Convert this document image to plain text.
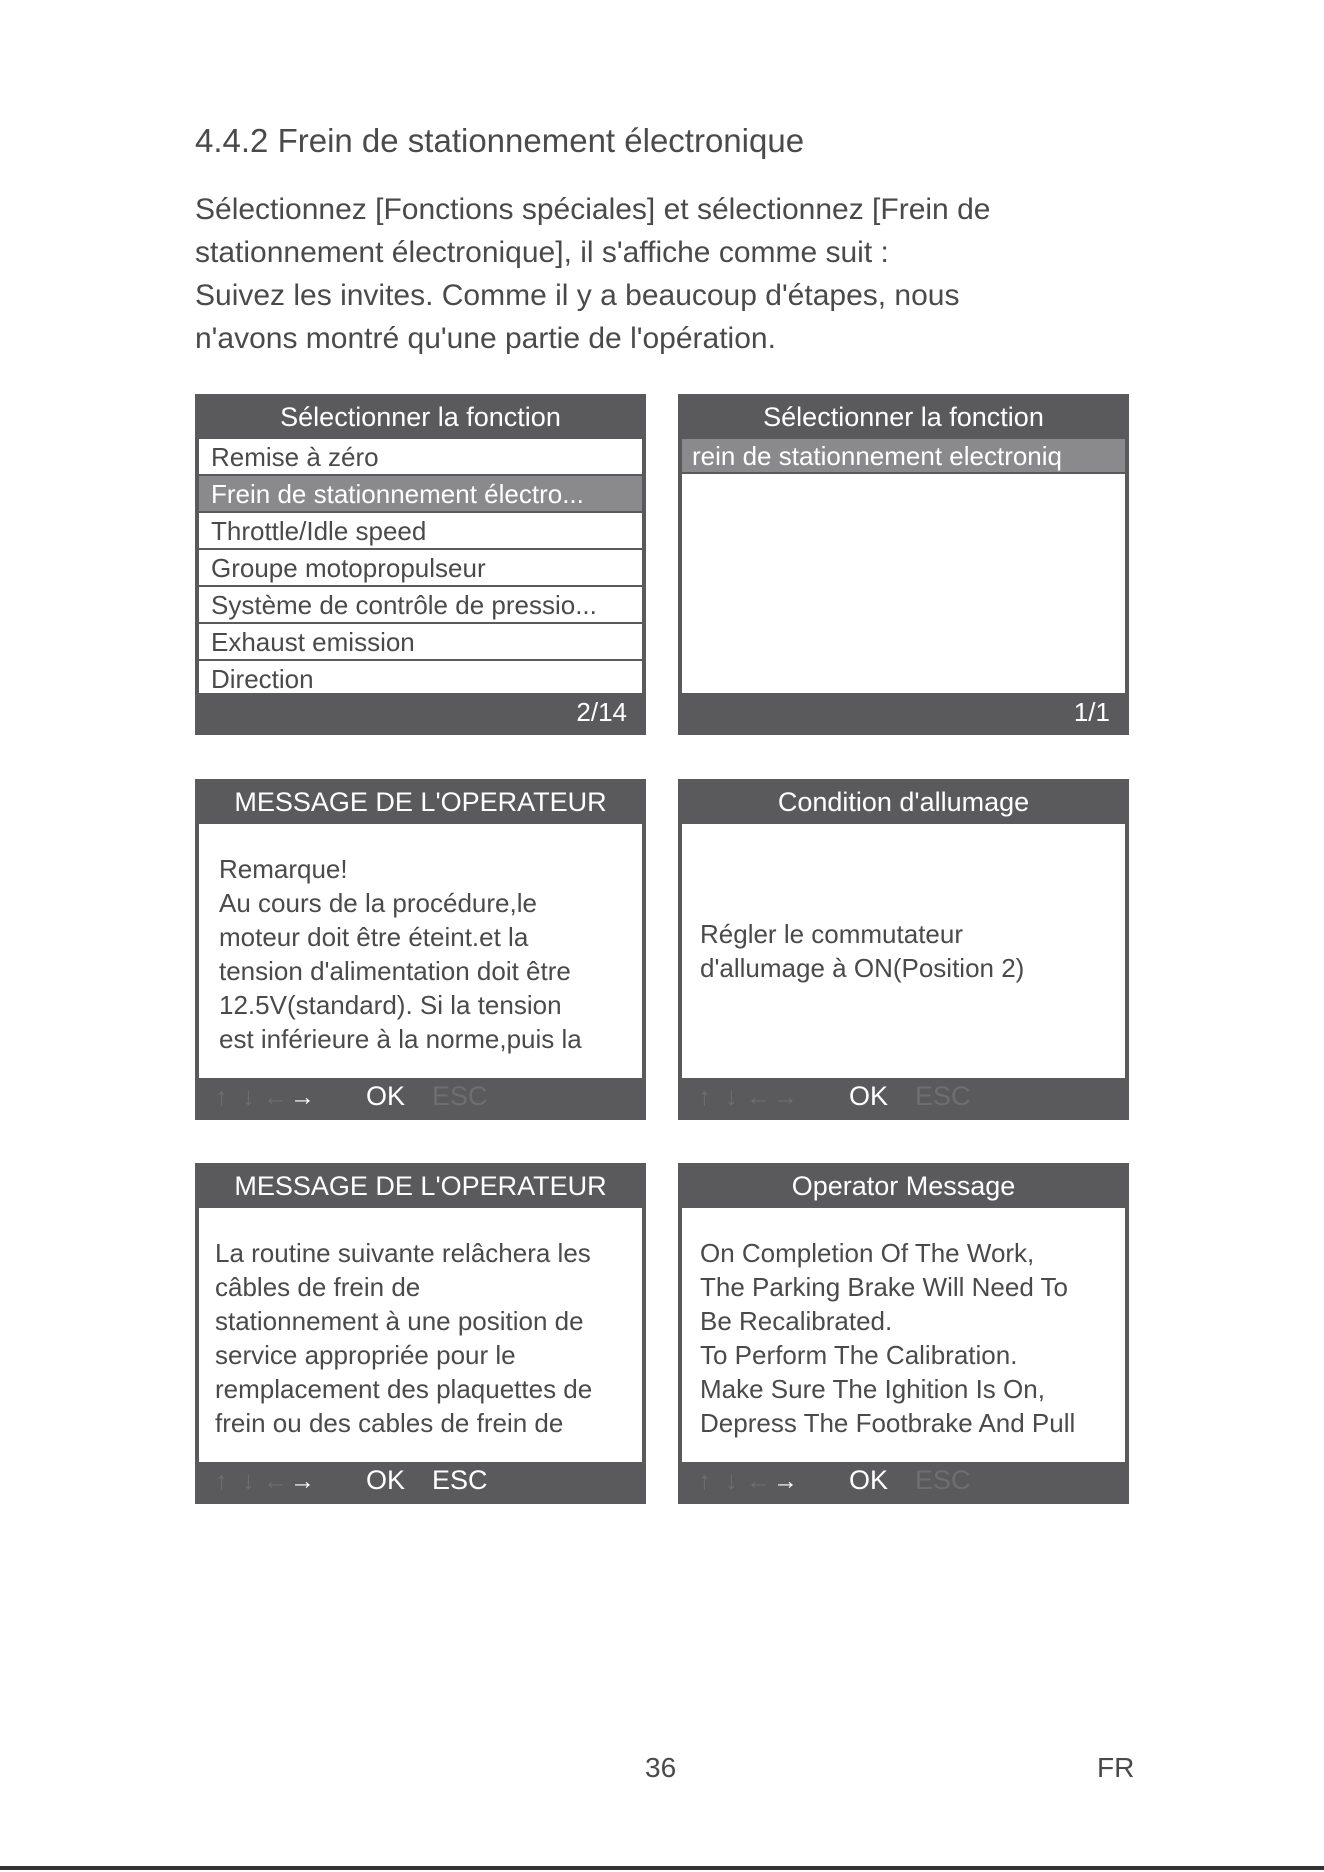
4.4.2 Frein de stationnement électronique
Sélectionnez [Fonctions spéciales] et sélectionnez [Frein de
stationnement électronique], il s'affiche comme suit :
Suivez les invites. Comme il y a beaucoup d'étapes, nous
n'avons montré qu'une partie de l'opération.
Sélectionner la fonction
Remise à zéro
Frein de stationnement électro...
Throttle/Idle speed
Groupe motopropulseur
Système de contrôle de pressio...
Exhaust emission
Direction
2/14
Sélectionner la fonction
rein de stationnement electroniq
1/1
MESSAGE DE L'OPERATEUR
Remarque!
Au cours de la procédure,le
moteur doit être éteint.et la
tension d'alimentation doit être
12.5V(standard). Si la tension
est inférieure à la norme,puis la
↑ ↓ ← → OK ESC
Condition d'allumage
Régler le commutateur
d'allumage à ON(Position 2)
↑ ↓ ← → OK ESC
MESSAGE DE L'OPERATEUR
La routine suivante relâchera les
câbles de frein de
stationnement à une position de
service appropriée pour le
remplacement des plaquettes de
frein ou des cables de frein de
↑ ↓ ← → OK ESC
Operator Message
On Completion Of The Work,
The Parking Brake Will Need To
Be Recalibrated.
To Perform The Calibration.
Make Sure The Ighition Is On,
Depress The Footbrake And Pull
↑ ↓ ← → OK ESC
36	FR
